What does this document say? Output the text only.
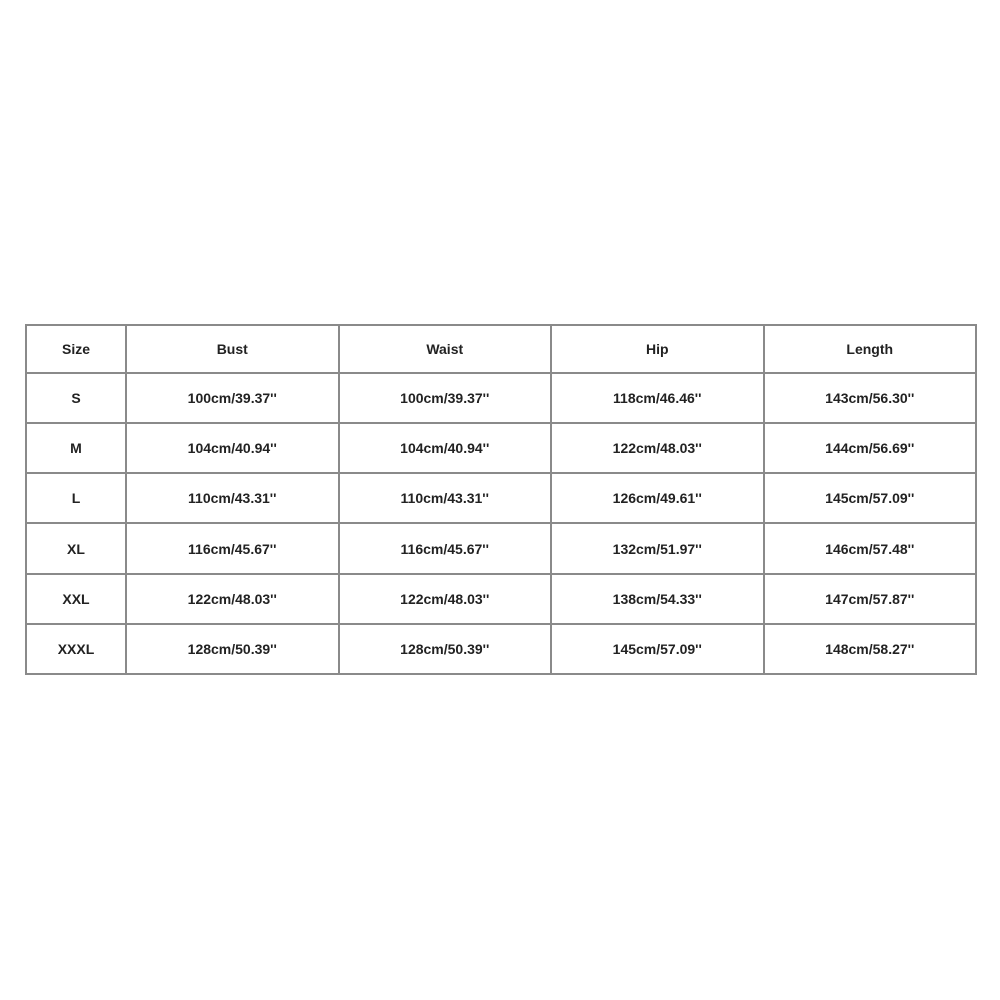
Size	Bust	Waist	Hip	Length
S	100cm/39.37''	100cm/39.37''	118cm/46.46''	143cm/56.30''
M	104cm/40.94''	104cm/40.94''	122cm/48.03''	144cm/56.69''
L	110cm/43.31''	110cm/43.31''	126cm/49.61''	145cm/57.09''
XL	116cm/45.67''	116cm/45.67''	132cm/51.97''	146cm/57.48''
XXL	122cm/48.03''	122cm/48.03''	138cm/54.33''	147cm/57.87''
XXXL	128cm/50.39''	128cm/50.39''	145cm/57.09''	148cm/58.27''
